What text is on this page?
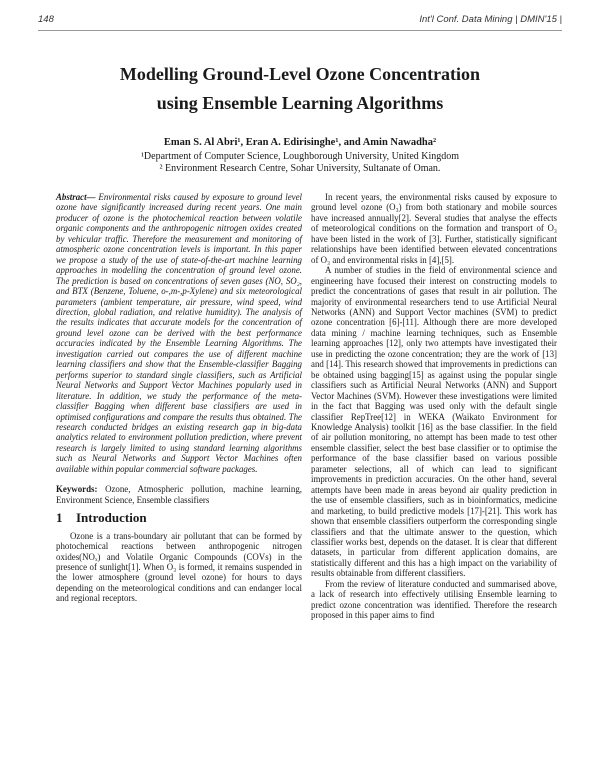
148	Int'l Conf. Data Mining | DMIN'15 |
Modelling Ground-Level Ozone Concentration
using Ensemble Learning Algorithms
Eman S. Al Abri¹, Eran A. Edirisinghe¹, and Amin Nawadha²
¹Department of Computer Science, Loughborough University, United Kingdom
² Environment Research Centre, Sohar University, Sultanate of Oman.

Abstract— Environmental risks caused by exposure to ground level ozone have significantly increased during recent years. One main producer of ozone is the photochemical reaction between volatile organic components and the anthropogenic nitrogen oxides created by vehicular traffic. Therefore the measurement and monitoring of atmospheric ozone concentration levels is important. In this paper we propose a study of the use of state-of-the-art machine learning approaches in modelling the concentration of ground level ozone. The prediction is based on concentrations of seven gases (NO, SO₂, and BTX (Benzene, Toluene, o-,m-,p-Xylene) and six meteorological parameters (ambient temperature, air pressure, wind speed, wind direction, global radiation, and relative humidity). The analysis of the results indicates that accurate models for the concentration of ground level ozone can be derived with the best performance accuracies indicated by the Ensemble Learning Algorithms. The investigation carried out compares the use of different machine learning classifiers and show that the Ensemble-classifier Bagging performs superior to standard single classifiers, such as Artificial Neural Networks and Support Vector Machines popularly used in literature. In addition, we study the performance of the meta-classifier Bagging when different base classifiers are used in optimised configurations and compare the results thus obtained. The research conducted bridges an existing research gap in big-data analytics related to environment pollution prediction, where prevent research is largely limited to using standard learning algorithms such as Neural Networks and Support Vector Machines often available within popular commercial software packages.

Keywords: Ozone, Atmospheric pollution, machine learning, Environment Science, Ensemble classifiers

1 Introduction

Ozone is a trans-boundary air pollutant that can be formed by photochemical reactions between anthropogenic nitrogen oxides(NOₓ) and Volatile Organic Compounds (COVs) in the presence of sunlight[1]. When O₃ is formed, it remains suspended in the lower atmosphere (ground level ozone) for hours to days depending on the meteorological conditions and can endanger local and regional receptors.

In recent years, the environmental risks caused by exposure to ground level ozone (O₃) from both stationary and mobile sources have increased annually[2]. Several studies that analyse the effects of meteorological conditions on the formation and transport of O₃ have been listed in the work of [3]. Further, statistically significant relationships have been identified between elevated concentrations of O₃ and environmental risks in [4],[5].

A number of studies in the field of environmental science and engineering have focused their interest on constructing models to predict the concentrations of gases that result in air pollution. The majority of environmental researchers tend to use Artificial Neural Networks (ANN) and Support Vector machines (SVM) to predict ozone concentration [6]-[11]. Although there are more developed data mining / machine learning techniques, such as Ensemble learning approaches [12], only two attempts have investigated their use in predicting the ozone concentration; they are the work of [13] and [14]. This research showed that improvements in predictions can be obtained using bagging[15] as against using the popular single classifiers such as Artificial Neural Networks (ANN) and Support Vector Machines (SVM). However these investigations were limited in the fact that Bagging was used only with the default single classifier RepTree[12] in WEKA (Waikato Environment for Knowledge Analysis) toolkit [16] as the base classifier. In the field of air pollution monitoring, no attempt has been made to test other ensemble classifier, select the best base classifier or to optimise the performance of the base classifier based on various possible parameter selections, all of which can lead to significant improvements in prediction accuracies. On the other hand, several attempts have been made in areas beyond air quality prediction in the use of ensemble classifiers, such as in bioinformatics, medicine and marketing, to build predictive models [17]-[21]. This work has shown that ensemble classifiers outperform the corresponding single classifiers and that the ultimate answer to the question, which classifier works best, depends on the dataset. It is clear that different datasets, in particular from different application domains, are statistically different and this has a high impact on the variability of results obtainable from different classifiers.

From the review of literature conducted and summarised above, a lack of research into effectively utilising Ensemble learning to predict ozone concentration was identified. Therefore the research proposed in this paper aims to find
